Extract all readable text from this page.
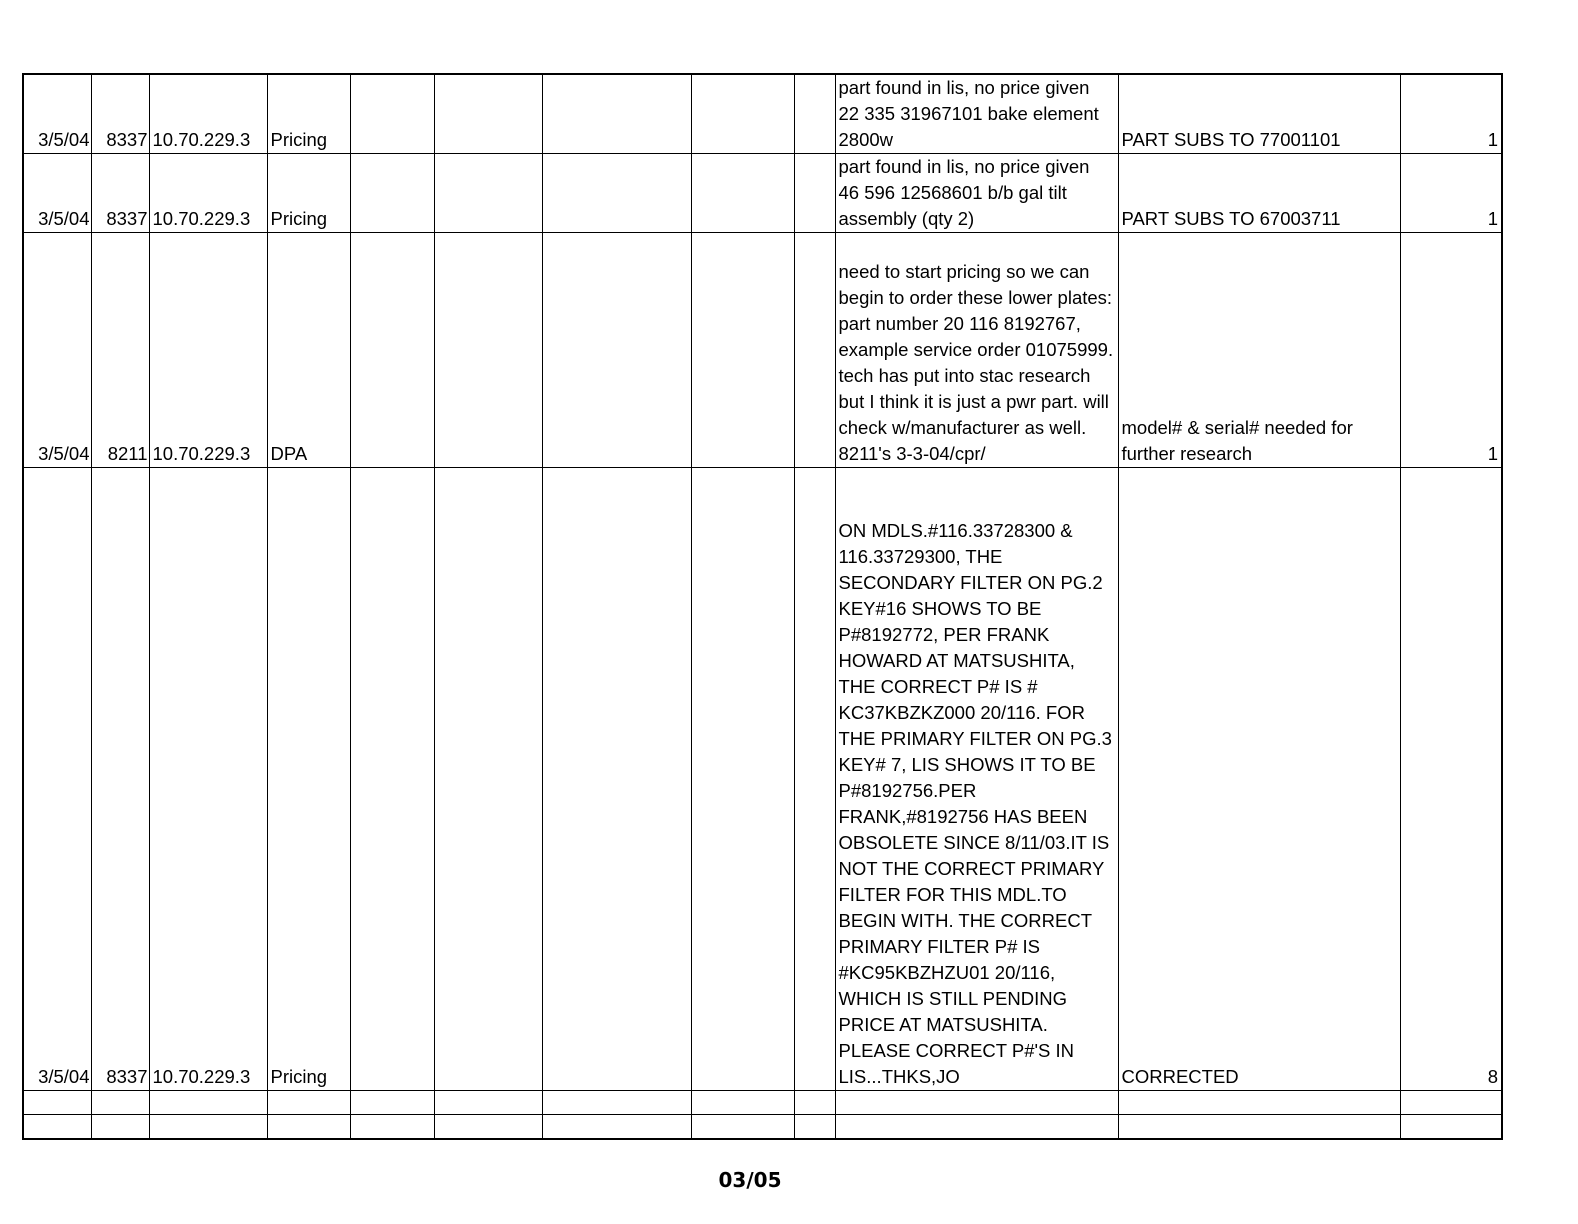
3/5/04	8337	10.70.229.3	Pricing						part found in lis, no price given 22 335 31967101 bake element 2800w	PART SUBS TO 77001101	1
3/5/04	8337	10.70.229.3	Pricing						part found in lis, no price given 46 596 12568601 b/b gal tilt assembly (qty 2)	PART SUBS TO 67003711	1
3/5/04	8211	10.70.229.3	DPA						need to start pricing so we can begin to order these lower plates: part number 20 116 8192767, example service order 01075999. tech has put into stac research but I think it is just a pwr part. will check w/manufacturer as well. 8211's 3-3-04/cpr/	model# & serial# needed for further research	1
3/5/04	8337	10.70.229.3	Pricing						ON MDLS.#116.33728300 & 116.33729300, THE SECONDARY FILTER ON PG.2 KEY#16 SHOWS TO BE P#8192772, PER FRANK HOWARD AT MATSUSHITA, THE CORRECT P# IS # KC37KBZKZ000 20/116. FOR THE PRIMARY FILTER ON PG.3 KEY# 7, LIS SHOWS IT TO BE P#8192756.PER FRANK,#8192756 HAS BEEN OBSOLETE SINCE 8/11/03.IT IS NOT THE CORRECT PRIMARY FILTER FOR THIS MDL.TO BEGIN WITH. THE CORRECT PRIMARY FILTER P# IS #KC95KBZHZU01 20/116, WHICH IS STILL PENDING PRICE AT MATSUSHITA. PLEASE CORRECT P#'S IN LIS...THKS,JO	CORRECTED	8

03/05
